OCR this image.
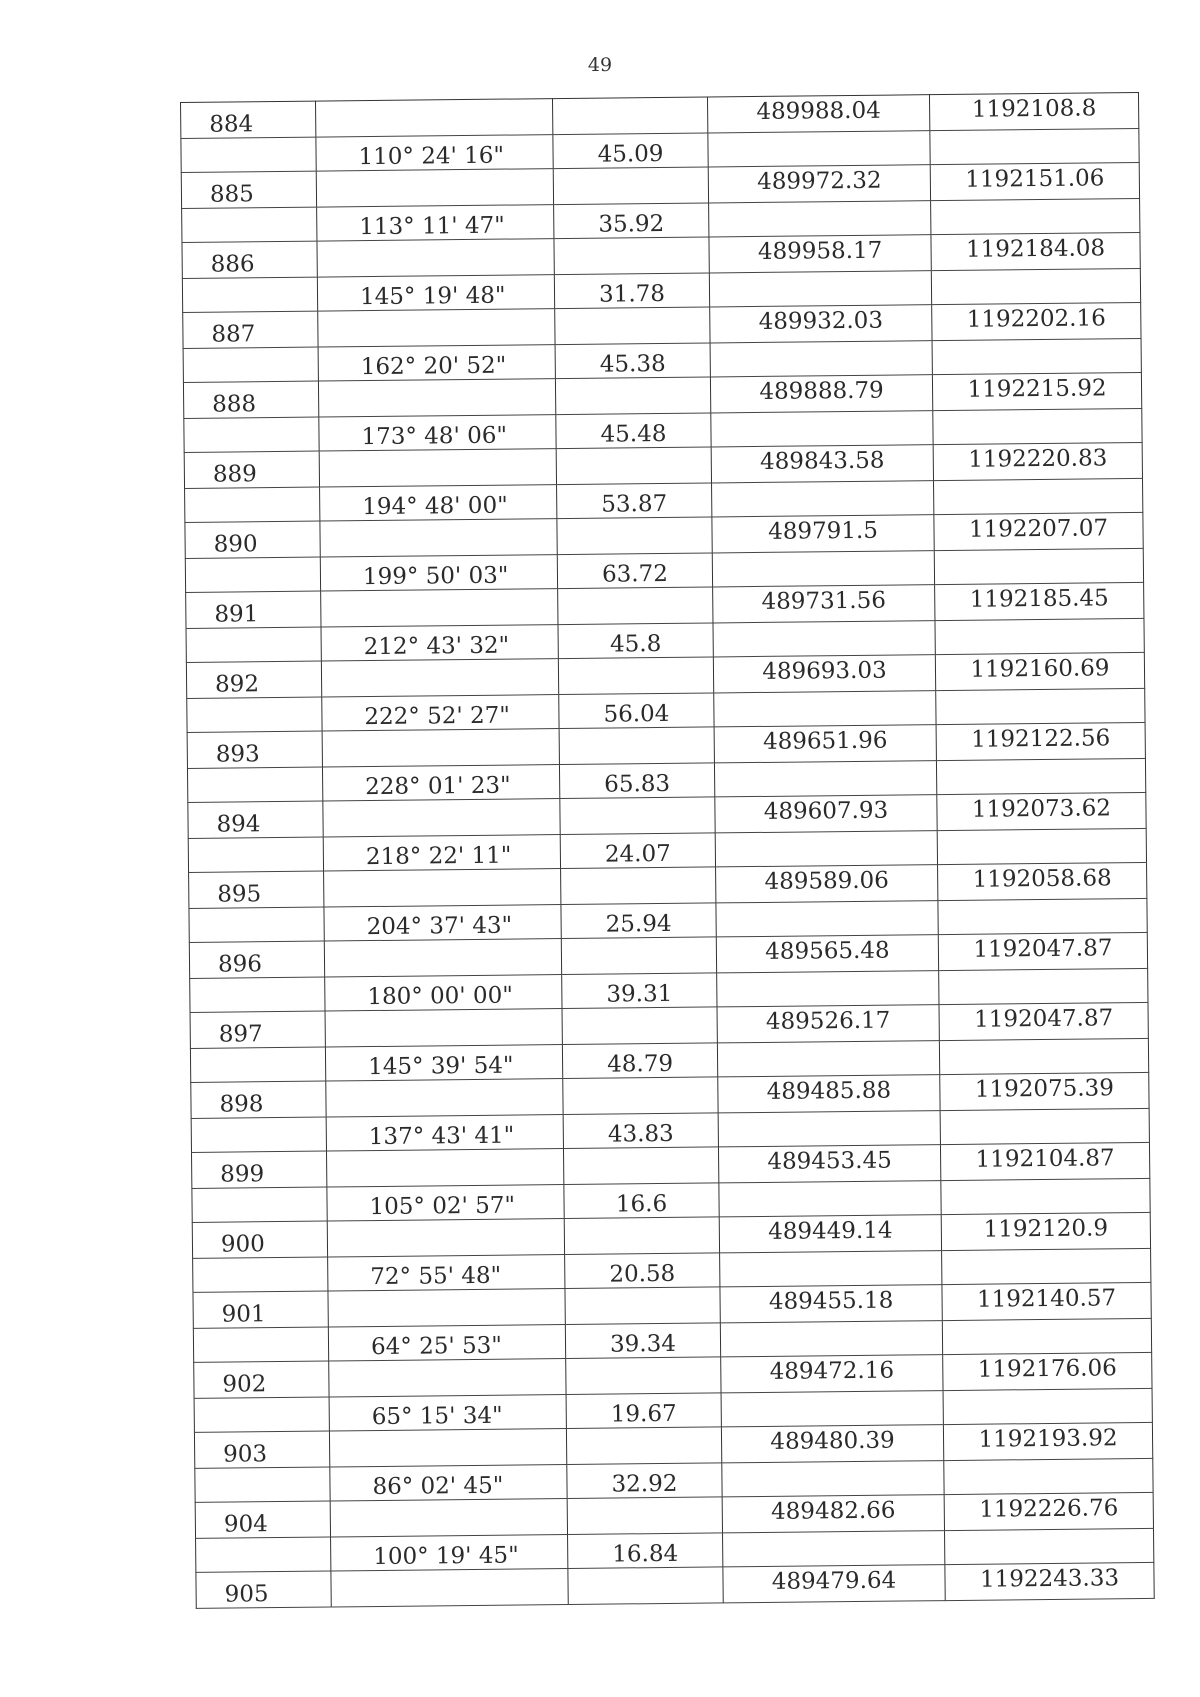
49
884			489988.04	1192108.8
	110° 24' 16"	45.09		
885			489972.32	1192151.06
	113° 11' 47"	35.92		
886			489958.17	1192184.08
	145° 19' 48"	31.78		
887			489932.03	1192202.16
	162° 20' 52"	45.38		
888			489888.79	1192215.92
	173° 48' 06"	45.48		
889			489843.58	1192220.83
	194° 48' 00"	53.87		
890			489791.5	1192207.07
	199° 50' 03"	63.72		
891			489731.56	1192185.45
	212° 43' 32"	45.8		
892			489693.03	1192160.69
	222° 52' 27"	56.04		
893			489651.96	1192122.56
	228° 01' 23"	65.83		
894			489607.93	1192073.62
	218° 22' 11"	24.07		
895			489589.06	1192058.68
	204° 37' 43"	25.94		
896			489565.48	1192047.87
	180° 00' 00"	39.31		
897			489526.17	1192047.87
	145° 39' 54"	48.79		
898			489485.88	1192075.39
	137° 43' 41"	43.83		
899			489453.45	1192104.87
	105° 02' 57"	16.6		
900			489449.14	1192120.9
	72° 55' 48"	20.58		
901			489455.18	1192140.57
	64° 25' 53"	39.34		
902			489472.16	1192176.06
	65° 15' 34"	19.67		
903			489480.39	1192193.92
	86° 02' 45"	32.92		
904			489482.66	1192226.76
	100° 19' 45"	16.84		
905			489479.64	1192243.33
